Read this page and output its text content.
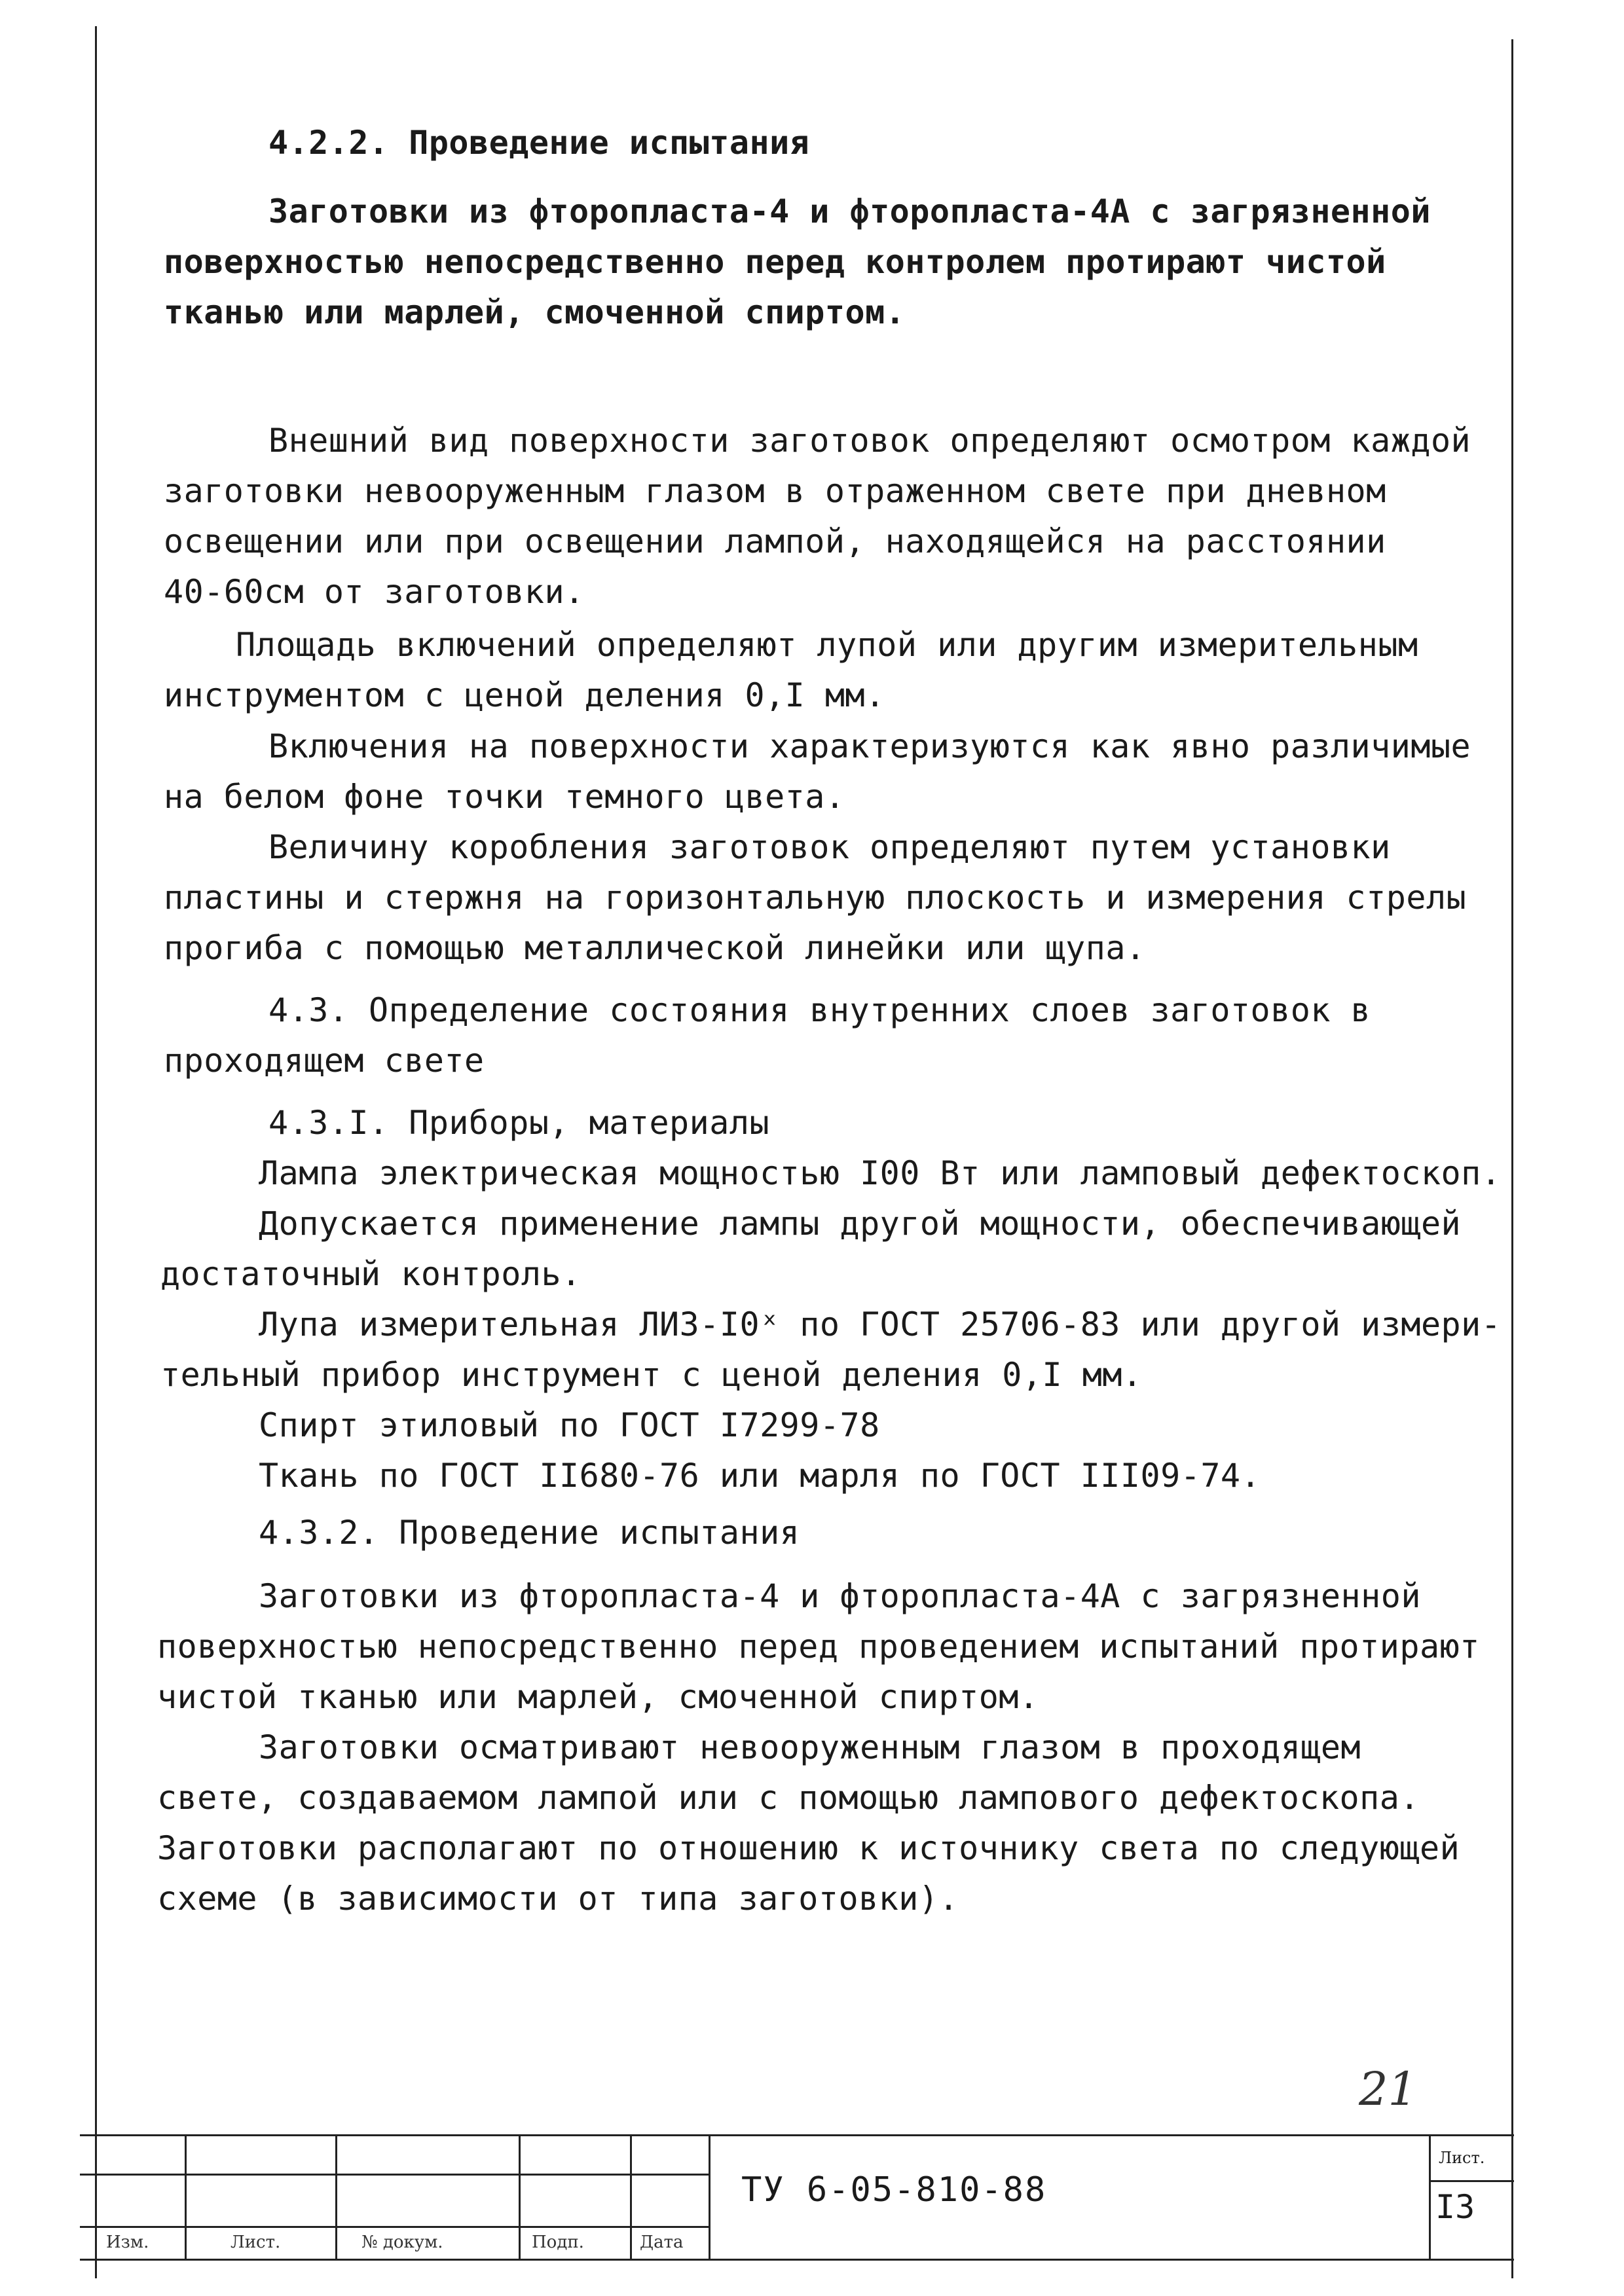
4.2.2. Проведение испытания
Заготовки из фторопласта-4 и фторопласта-4А с загрязненной
поверхностью непосредственно перед контролем протирают чистой
тканью или марлей, смоченной спиртом.
Внешний вид поверхности заготовок определяют осмотром каждой
заготовки невооруженным глазом в отраженном свете при дневном
освещении или при освещении лампой, находящейся на расстоянии
40-60см от заготовки.
Площадь включений определяют лупой или другим измерительным
инструментом с ценой деления 0,I мм.
Включения на поверхности характеризуются как явно различимые
на белом фоне точки темного цвета.
Величину коробления заготовок определяют путем установки
пластины и стержня на горизонтальную плоскость и измерения стрелы
прогиба с помощью металлической линейки или щупа.
4.3. Определение состояния внутренних слоев заготовок в
проходящем свете
4.3.I. Приборы, материалы
Лампа электрическая мощностью I00 Вт или ламповый дефектоскоп.
Допускается применение лампы другой мощности, обеспечивающей
достаточный контроль.
Лупа измерительная ЛИЗ-I0ˣ по ГОСТ 25706-83 или другой измери-
тельный прибор инструмент с ценой деления 0,I мм.
Спирт этиловый по ГОСТ I7299-78
Ткань по ГОСТ II680-76 или марля по ГОСТ III09-74.
4.3.2. Проведение испытания
Заготовки из фторопласта-4 и фторопласта-4А с загрязненной
поверхностью непосредственно перед проведением испытаний протирают
чистой тканью или марлей, смоченной спиртом.
Заготовки осматривают невооруженным глазом в проходящем
свете, создаваемом лампой или с помощью лампового дефектоскопа.
Заготовки располагают по отношению к источнику света по следующей
схеме (в зависимости от типа заготовки).
21
Изм.	Лист.	№ докум.	Подп.	Дата
ТУ 6-05-810-88
Лист.
I3
